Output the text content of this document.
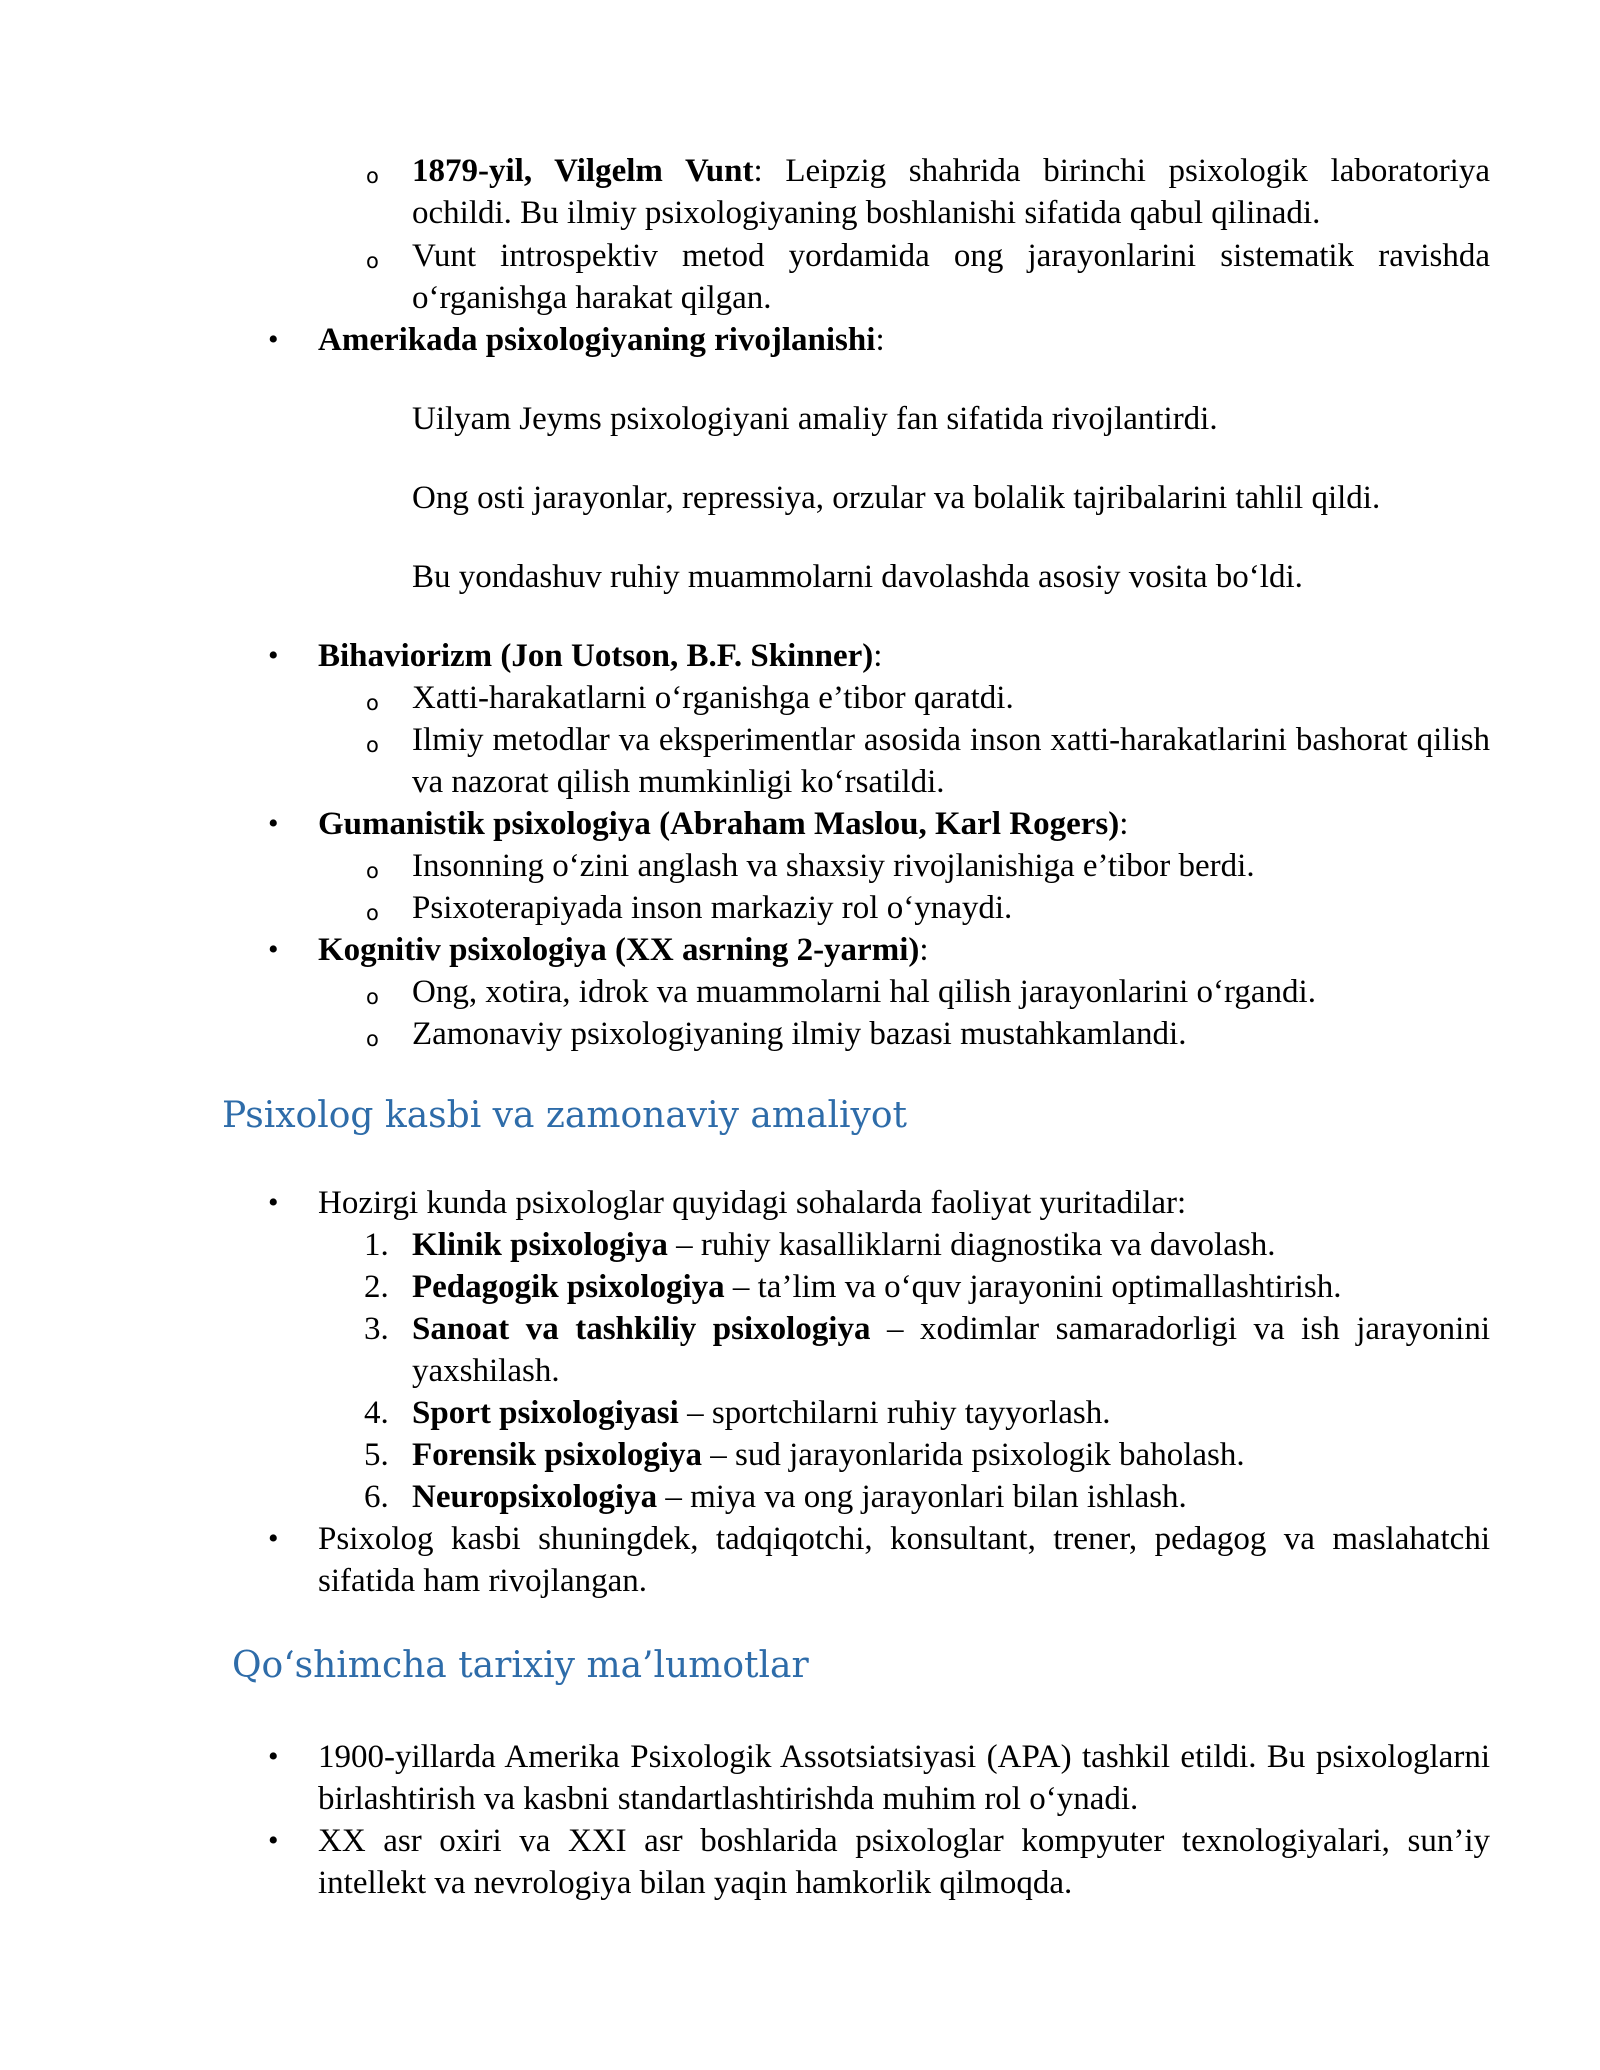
o 1879-yil, Vilgelm Vunt: Leipzig shahrida birinchi psixologik laboratoriya ochildi. Bu ilmiy psixologiyaning boshlanishi sifatida qabul qilinadi.
o Vunt introspektiv metod yordamida ong jarayonlarini sistematik ravishda o‘rganishga harakat qilgan.
• Amerikada psixologiyaning rivojlanishi:
Uilyam Jeyms psixologiyani amaliy fan sifatida rivojlantirdi.
Ong osti jarayonlar, repressiya, orzular va bolalik tajribalarini tahlil qildi.
Bu yondashuv ruhiy muammolarni davolashda asosiy vosita bo‘ldi.
• Bihaviorizm (Jon Uotson, B.F. Skinner):
o Xatti-harakatlarni o‘rganishga e’tibor qaratdi.
o Ilmiy metodlar va eksperimentlar asosida inson xatti-harakatlarini bashorat qilish va nazorat qilish mumkinligi ko‘rsatildi.
• Gumanistik psixologiya (Abraham Maslou, Karl Rogers):
o Insonning o‘zini anglash va shaxsiy rivojlanishiga e’tibor berdi.
o Psixoterapiyada inson markaziy rol o‘ynaydi.
• Kognitiv psixologiya (XX asrning 2-yarmi):
o Ong, xotira, idrok va muammolarni hal qilish jarayonlarini o‘rgandi.
o Zamonaviy psixologiyaning ilmiy bazasi mustahkamlandi.
Psixolog kasbi va zamonaviy amaliyot
• Hozirgi kunda psixologlar quyidagi sohalarda faoliyat yuritadilar:
1. Klinik psixologiya – ruhiy kasalliklarni diagnostika va davolash.
2. Pedagogik psixologiya – ta’lim va o‘quv jarayonini optimallashtirish.
3. Sanoat va tashkiliy psixologiya – xodimlar samaradorligi va ish jarayonini yaxshilash.
4. Sport psixologiyasi – sportchilarni ruhiy tayyorlash.
5. Forensik psixologiya – sud jarayonlarida psixologik baholash.
6. Neuropsixologiya – miya va ong jarayonlari bilan ishlash.
• Psixolog kasbi shuningdek, tadqiqotchi, konsultant, trener, pedagog va maslahatchi sifatida ham rivojlangan.
Qo‘shimcha tarixiy ma’lumotlar
• 1900-yillarda Amerika Psixologik Assotsiatsiyasi (APA) tashkil etildi. Bu psixologlarni birlashtirish va kasbni standartlashtirishda muhim rol o‘ynadi.
• XX asr oxiri va XXI asr boshlarida psixologlar kompyuter texnologiyalari, sun’iy intellekt va nevrologiya bilan yaqin hamkorlik qilmoqda.
